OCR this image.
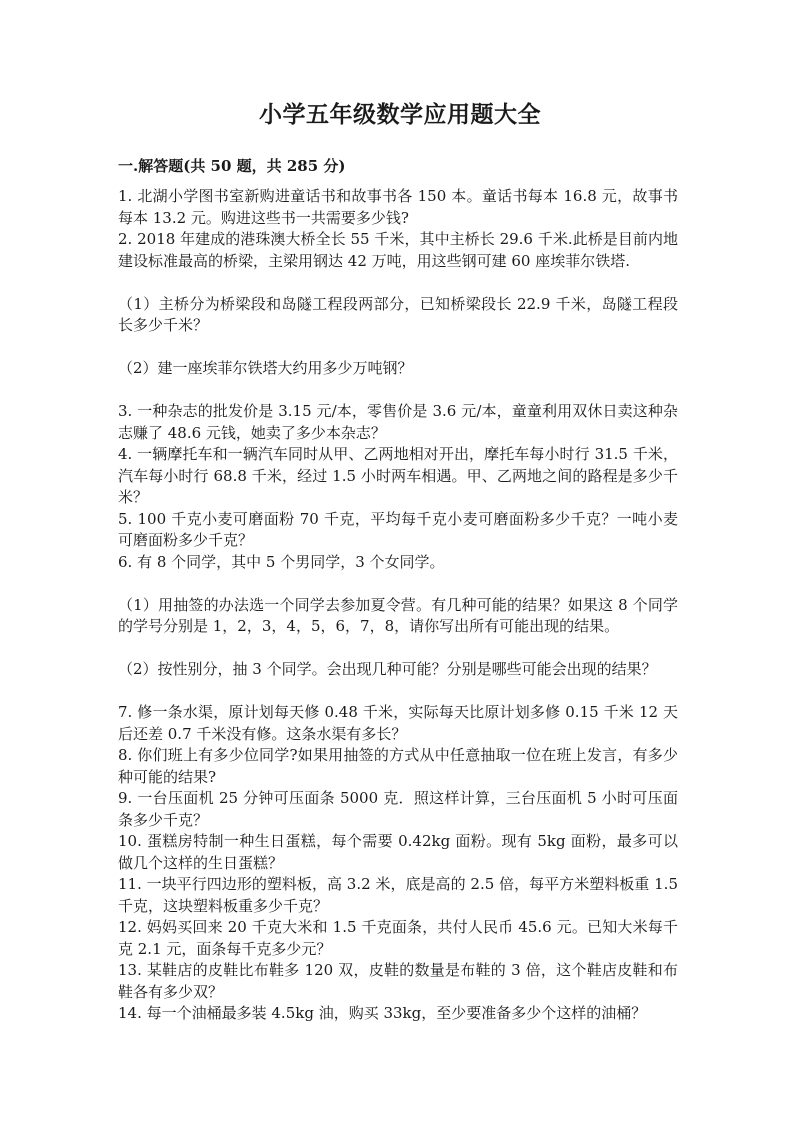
小学五年级数学应用题大全
一.解答题(共 50 题，共 285 分)

1. 北湖小学图书室新购进童话书和故事书各 150 本。童话书每本 16.8 元，故事书每本 13.2 元。购进这些书一共需要多少钱?

2. 2018 年建成的港珠澳大桥全长 55 千米，其中主桥长 29.6 千米.此桥是目前内地建设标准最高的桥梁，主梁用钢达 42 万吨，用这些钢可建 60 座埃菲尔铁塔.

（1）主桥分为桥梁段和岛隧工程段两部分，已知桥梁段长 22.9 千米，岛隧工程段长多少千米？

（2）建一座埃菲尔铁塔大约用多少万吨钢？

3. 一种杂志的批发价是 3.15 元/本，零售价是 3.6 元/本，童童利用双休日卖这种杂志赚了 48.6 元钱，她卖了多少本杂志？

4. 一辆摩托车和一辆汽车同时从甲、乙两地相对开出，摩托车每小时行 31.5 千米，汽车每小时行 68.8 千米，经过 1.5 小时两车相遇。甲、乙两地之间的路程是多少千米？

5. 100 千克小麦可磨面粉 70 千克，平均每千克小麦可磨面粉多少千克？一吨小麦可磨面粉多少千克？

6. 有 8 个同学，其中 5 个男同学，3 个女同学。

（1）用抽签的办法选一个同学去参加夏令营。有几种可能的结果？如果这 8 个同学的学号分别是 1，2，3，4，5，6，7，8，请你写出所有可能出现的结果。

（2）按性别分，抽 3 个同学。会出现几种可能？分别是哪些可能会出现的结果？

7. 修一条水渠，原计划每天修 0.48 千米，实际每天比原计划多修 0.15 千米 12 天后还差 0.7 千米没有修。这条水渠有多长？

8. 你们班上有多少位同学?如果用抽签的方式从中任意抽取一位在班上发言，有多少种可能的结果?

9. 一台压面机 25 分钟可压面条 5000 克．照这样计算，三台压面机 5 小时可压面条多少千克？

10. 蛋糕房特制一种生日蛋糕，每个需要 0.42kg 面粉。现有 5kg 面粉，最多可以做几个这样的生日蛋糕？

11. 一块平行四边形的塑料板，高 3.2 米，底是高的 2.5 倍，每平方米塑料板重 1.5 千克，这块塑料板重多少千克？

12. 妈妈买回来 20 千克大米和 1.5 千克面条，共付人民币 45.6 元。已知大米每千克 2.1 元，面条每千克多少元？

13. 某鞋店的皮鞋比布鞋多 120 双，皮鞋的数量是布鞋的 3 倍，这个鞋店皮鞋和布鞋各有多少双？

14. 每一个油桶最多装 4.5kg 油，购买 33kg，至少要准备多少个这样的油桶？
